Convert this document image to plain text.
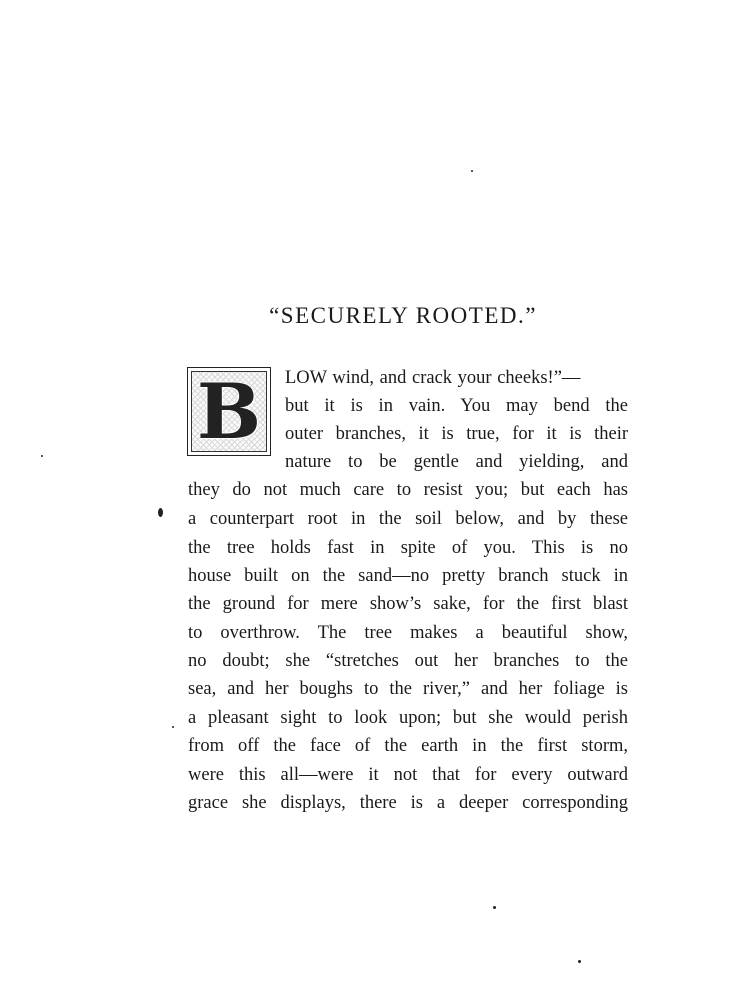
“SECURELY ROOTED.”
B LOW wind, and crack your cheeks!”—
but it is in vain. You may bend the
outer branches, it is true, for it is their
nature to be gentle and yielding, and
they do not much care to resist you; but each has
a counterpart root in the soil below, and by these
the tree holds fast in spite of you. This is no
house built on the sand—no pretty branch stuck in
the ground for mere show’s sake, for the first blast
to overthrow. The tree makes a beautiful show,
no doubt; she “stretches out her branches to the
sea, and her boughs to the river,” and her foliage is
a pleasant sight to look upon; but she would perish
from off the face of the earth in the first storm,
were this all—were it not that for every outward
grace she displays, there is a deeper corresponding
